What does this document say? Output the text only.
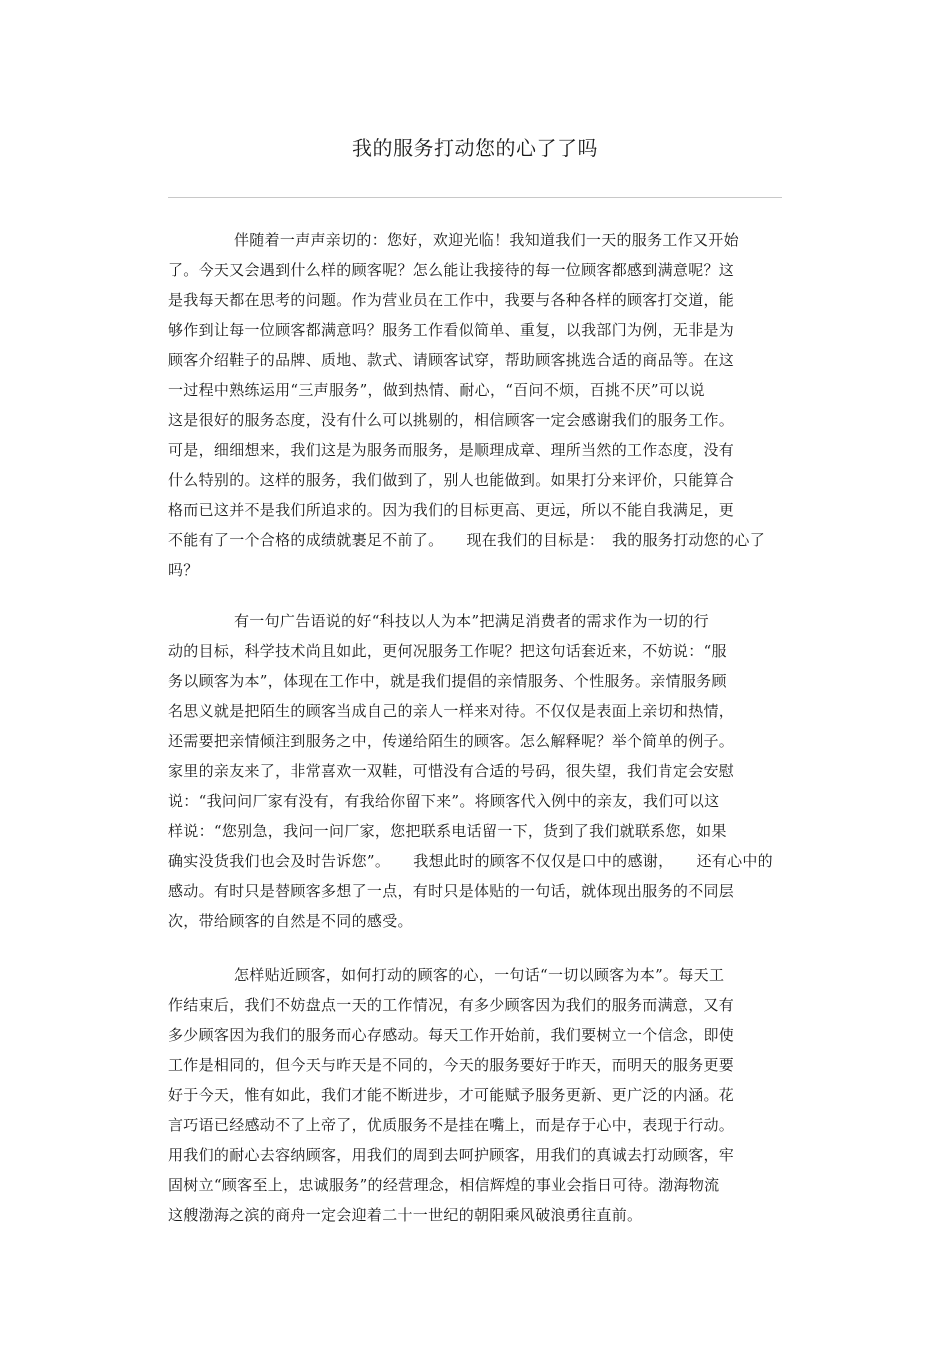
我的服务打动您的心了了吗
伴随着一声声亲切的：您好，欢迎光临！我知道我们一天的服务工作又开始
了。今天又会遇到什么样的顾客呢？怎么能让我接待的每一位顾客都感到满意呢？这
是我每天都在思考的问题。作为营业员在工作中，我要与各种各样的顾客打交道，能
够作到让每一位顾客都满意吗？服务工作看似简单、重复，以我部门为例，无非是为
顾客介绍鞋子的品牌、质地、款式、请顾客试穿，帮助顾客挑选合适的商品等。在这
一过程中熟练运用“三声服务”，做到热情、耐心，“百问不烦，百挑不厌”可以说
这是很好的服务态度，没有什么可以挑剔的，相信顾客一定会感谢我们的服务工作。
可是，细细想来，我们这是为服务而服务，是顺理成章、理所当然的工作态度，没有
什么特别的。这样的服务，我们做到了，别人也能做到。如果打分来评价，只能算合
格而已这并不是我们所追求的。因为我们的目标更高、更远，所以不能自我满足，更
不能有了一个合格的成绩就裹足不前了。　　现在我们的目标是：　我的服务打动您的心了
吗？
有一句广告语说的好“科技以人为本”把满足消费者的需求作为一切的行
动的目标，科学技术尚且如此，更何况服务工作呢？把这句话套近来，不妨说：“服
务以顾客为本”，体现在工作中，就是我们提倡的亲情服务、个性服务。亲情服务顾
名思义就是把陌生的顾客当成自己的亲人一样来对待。不仅仅是表面上亲切和热情，
还需要把亲情倾注到服务之中，传递给陌生的顾客。怎么解释呢？举个简单的例子。
家里的亲友来了，非常喜欢一双鞋，可惜没有合适的号码，很失望，我们肯定会安慰
说：“我问问厂家有没有，有我给你留下来”。将顾客代入例中的亲友，我们可以这
样说：“您别急，我问一问厂家，您把联系电话留一下，货到了我们就联系您，如果
确实没货我们也会及时告诉您”。　　我想此时的顾客不仅仅是口中的感谢，　　还有心中的
感动。有时只是替顾客多想了一点，有时只是体贴的一句话，就体现出服务的不同层
次，带给顾客的自然是不同的感受。
怎样贴近顾客，如何打动的顾客的心，一句话“一切以顾客为本”。每天工
作结束后，我们不妨盘点一天的工作情况，有多少顾客因为我们的服务而满意，又有
多少顾客因为我们的服务而心存感动。每天工作开始前，我们要树立一个信念，即使
工作是相同的，但今天与昨天是不同的，今天的服务要好于昨天，而明天的服务更要
好于今天，惟有如此，我们才能不断进步，才可能赋予服务更新、更广泛的内涵。花
言巧语已经感动不了上帝了，优质服务不是挂在嘴上，而是存于心中，表现于行动。
用我们的耐心去容纳顾客，用我们的周到去呵护顾客，用我们的真诚去打动顾客，牢
固树立“顾客至上，忠诚服务”的经营理念，相信辉煌的事业会指日可待。渤海物流
这艘渤海之滨的商舟一定会迎着二十一世纪的朝阳乘风破浪勇往直前。
